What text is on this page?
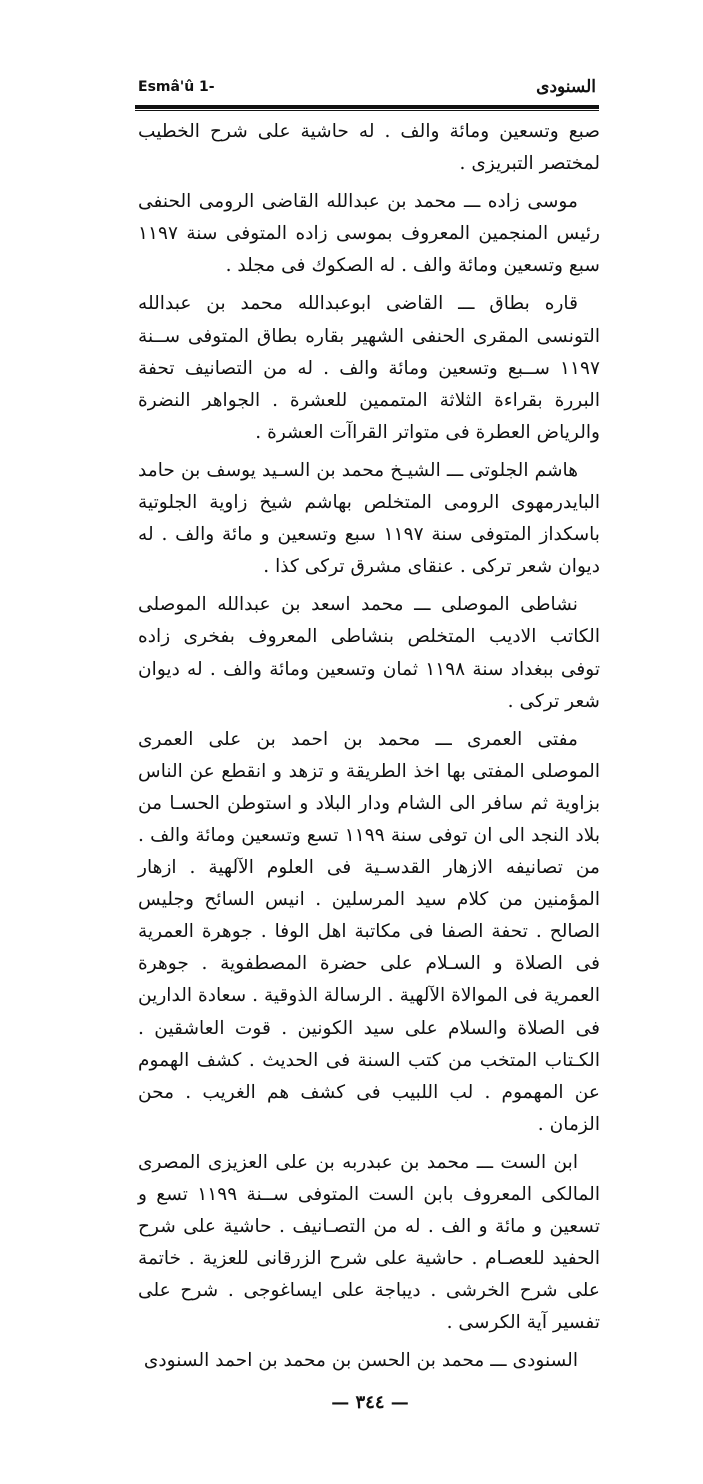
Esmâ'û 1-	السنودى

صبع وتسعين ومائة والف . له حاشية على شرح الخطيب لمختصر التبريزى .

موسى زاده ـــ محمد بن عبدالله القاضى الرومى الحنفى رئيس المنجمين المعروف بموسى زاده المتوفى سنة ١١٩٧ سبع وتسعين ومائة والف . له الصكوك فى مجلد .

قاره بطاق ـــ القاضى ابوعبدالله محمد بن عبدالله التونسى المقرى الحنفى الشهير بقاره بطاق المتوفى ســنة ١١٩٧ ســبع وتسعين ومائة والف . له من التصانيف تحفة البررة بقراءة الثلاثة المتممين للعشرة . الجواهر النضرة والرياض العطرة فى متواتر القراآت العشرة .

هاشم الجلوتى ـــ الشيـخ محمد بن السـيد يوسف بن حامد البايدرمهوى الرومى المتخلص بهاشم شيخ زاوية الجلوتية باسكداز المتوفى سنة ١١٩٧ سبع وتسعين و مائة والف . له ديوان شعر تركى . عنقاى مشرق تركى كذا .

نشاطى الموصلى ـــ محمد اسعد بن عبدالله الموصلى الكاتب الاديب المتخلص بنشاطى المعروف بفخرى زاده توفى ببغداد سنة ١١٩٨ ثمان وتسعين ومائة والف . له ديوان شعر تركى .

مفتى العمرى ـــ محمد بن احمد بن على العمرى الموصلى المفتى بها اخذ الطريقة و تزهد و انقطع عن الناس بزاوية ثم سافر الى الشام ودار البلاد و استوطن الحسـا من بلاد النجد الى ان توفى سنة ١١٩٩ تسع وتسعين ومائة والف . من تصانيفه الازهار القدسـية فى العلوم الآلهية . ازهار المؤمنين من كلام سيد المرسلين . انيس السائح وجليس الصالح . تحفة الصفا فى مكاتبة اهل الوفا . جوهرة العمرية فى الصلاة و السـلام على حضرة المصطفوية . جوهرة العمرية فى الموالاة الآلهية . الرسالة الذوقية . سعادة الدارين فى الصلاة والسلام على سيد الكونين . قوت العاشقين . الكـتاب المتخب من كتب السنة فى الحديث . كشف الهموم عن المهموم . لب اللبيب فى كشف هم الغريب . محن الزمان .

ابن الست ـــ محمد بن عبدربه بن على العزيزى المصرى المالكى المعروف بابن الست المتوفى ســنة ١١٩٩ تسع و تسعين و مائة و الف . له من التصـانيف . حاشية على شرح الحفيد للعصـام . حاشية على شرح الزرقانى للعزية . خاتمة على شرح الخرشى . ديباجة على ايساغوجى . شرح على تفسير آية الكرسى .

السنودى ـــ محمد بن الحسن بن محمد بن احمد السنودى

— ٣٤٤ —
